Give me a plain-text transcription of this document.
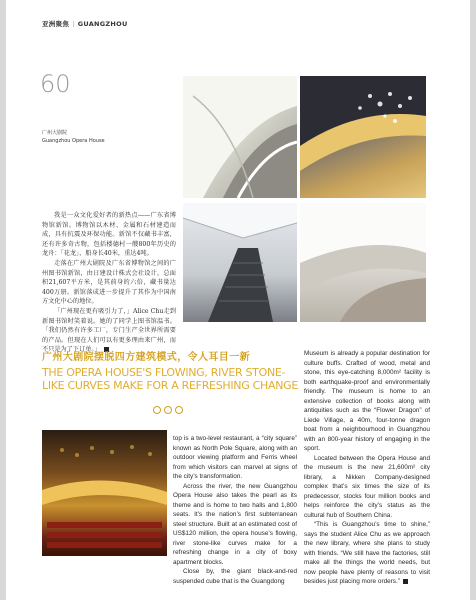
亚洲聚焦 | GUANGZHOU
60
广州大剧院
Guangzhou Opera House

我是一众文化爱好者的新热点——广东省博物馆新馆。博物馆以木材、金属和石材建造而成，具有抗震及环保功能。新馆不仅藏书丰富，还有许多奇古物，包括楼德村一艘800年历史的龙舟：「花龙」，船身长40米，重达4吨。

走落在广州大剧院及广东省博物馆之间的广州图书馆新馆，由日建设计株式会社设计，总面积21,607平方米，是其前身的六倍，藏书量达400万册。新馆落成进一步提升了其作为中国南方文化中心的地位。

「广州现在更有吸引力了，」Alice Chu走到新图书馆时笑着说。她的了同学上图书馆温书。「我们仍然有许多工厂，专门生产全世界所需要的产品。但现在人们可以有更多理由来广州，而不只是为了下订单。」

广州大剧院摆脱四方建筑模式，令人耳目一新
THE OPERA HOUSE'S FLOWING, RIVER STONE-LIKE CURVES MAKE FOR A REFRESHING CHANGE

top is a two-level restaurant, a “city square” known as North Pole Square, along with an outdoor viewing platform and Ferris wheel from which visitors can marvel at signs of the city’s transformation.

Across the river, the new Guangzhou Opera House also takes the pearl as its theme and is home to two halls and 1,800 seats. It’s the nation’s first subterranean steel structure. Built at an estimated cost of US$120 million, the opera house’s flowing, river stone-like curves make for a refreshing change in a city of boxy apartment blocks.

Close by, the giant black-and-red suspended cube that is the Guangdong

Museum is already a popular destination for culture buffs. Crafted of wood, metal and stone, this eye-catching 8,000m² facility is both earthquake-proof and environmentally friendly. The museum is home to an extensive collection of books along with antiquities such as the “Flower Dragon” of Liede Village, a 40m, four-tonne dragon boat from a neighbourhood in Guangzhou with an 800-year history of engaging in the sport.

Located between the Opera House and the museum is the new 21,600m² city library, a Nikken Company-designed complex that’s six times the size of its predecessor, stocks four million books and helps reinforce the city’s status as the cultural hub of Southern China.

“This is Guangzhou’s time to shine,” says the student Alice Chu as we approach the new library, where she plans to study with friends. “We still have the factories, still make all the things the world needs, but now people have plenty of reasons to visit besides just placing more orders.”
